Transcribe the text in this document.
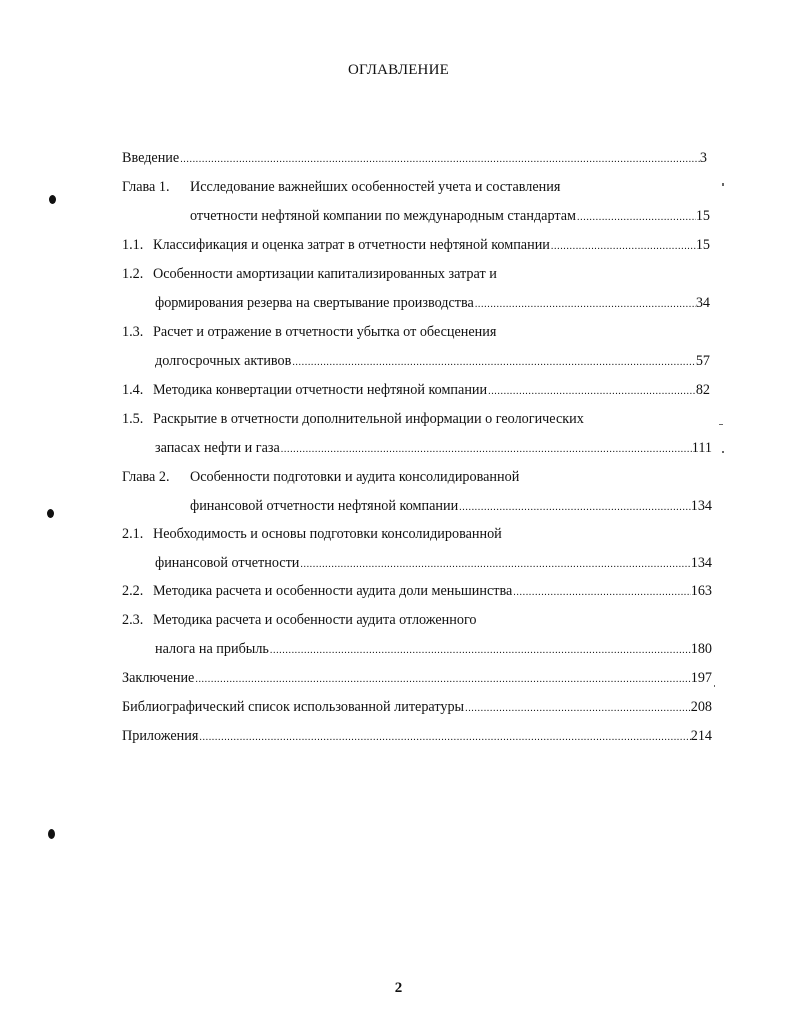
ОГЛАВЛЕНИЕ
Введение .....	3
Глава 1.	Исследование важнейших особенностей учета и составления
отчетности нефтяной компании по международным стандартам .....	15
1.1. Классификация и оценка затрат в отчетности нефтяной компании .....	15
1.2. Особенности амортизации капитализированных затрат и
формирования резерва на свертывание производства .....	34
1.3. Расчет и отражение в отчетности убытка от обесценения
долгосрочных активов .....	57
1.4. Методика конвертации отчетности нефтяной компании .....	82
1.5. Раскрытие в отчетности дополнительной информации о геологических
запасах нефти и газа .....	111
Глава 2.	Особенности подготовки и аудита консолидированной
финансовой отчетности нефтяной компании .....	134
2.1. Необходимость и основы подготовки консолидированной
финансовой отчетности .....	134
2.2. Методика расчета и особенности аудита доли меньшинства .....	163
2.3. Методика расчета и особенности аудита отложенного
налога на прибыль .....	180
Заключение .....	197
Библиографический список использованной литературы .....	208
Приложения .....	214
2
